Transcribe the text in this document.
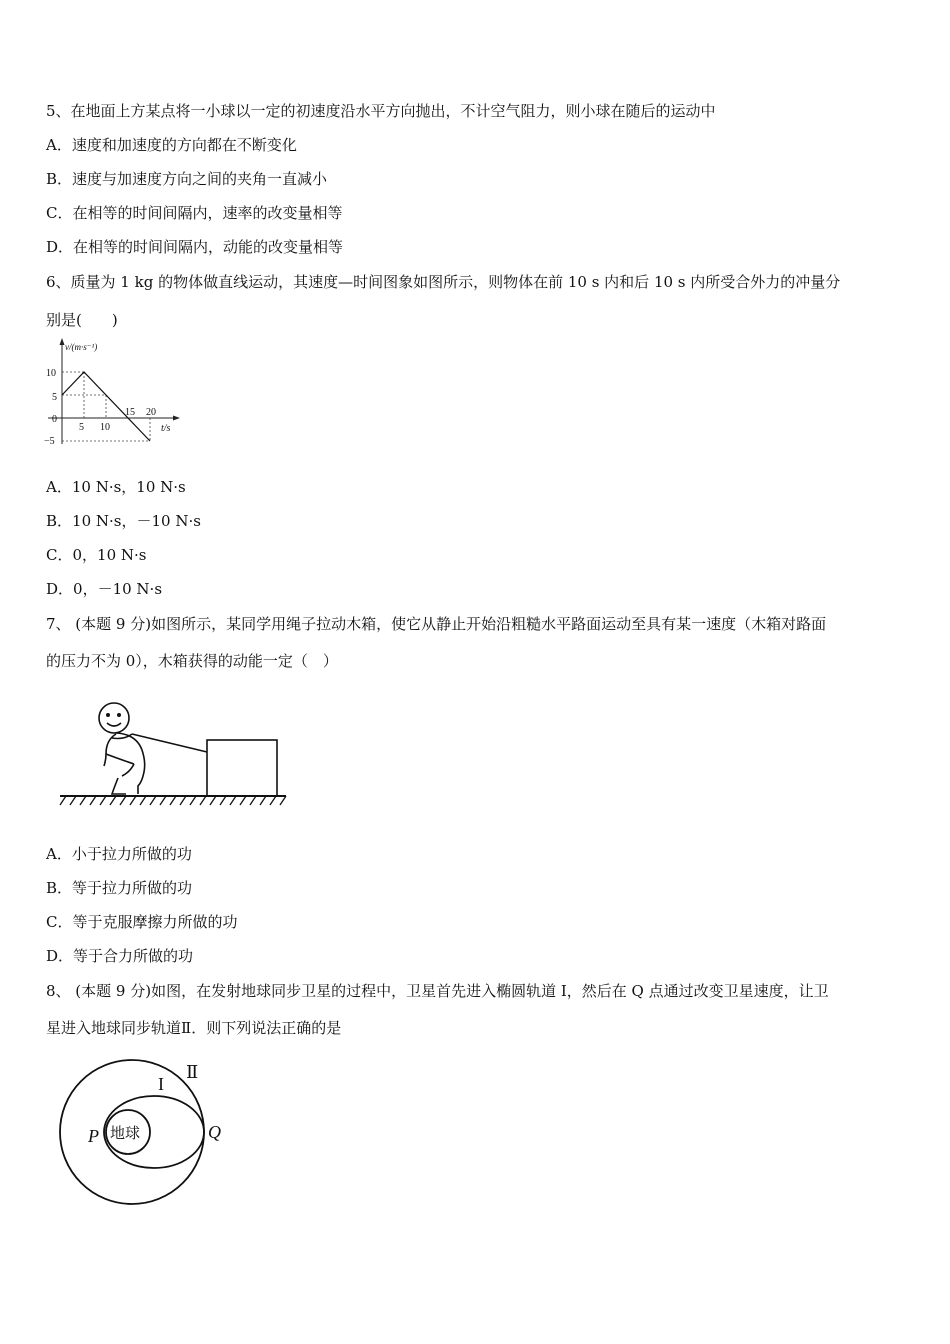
5、在地面上方某点将一小球以一定的初速度沿水平方向抛出，不计空气阻力，则小球在随后的运动中
A．速度和加速度的方向都在不断变化
B．速度与加速度方向之间的夹角一直减小
C．在相等的时间间隔内，速率的改变量相等
D．在相等的时间间隔内，动能的改变量相等
6、质量为 1 kg 的物体做直线运动，其速度—时间图象如图所示，则物体在前 10 s 内和后 10 s 内所受合外力的冲量分
别是(　　)
v/(m·s⁻¹)
t/s
10
5
0
−5
5 10
15 20
A．10 N·s，10 N·s
B．10 N·s，－10 N·s
C．0，10 N·s
D．0，－10 N·s
7、 (本题 9 分)如图所示，某同学用绳子拉动木箱，使它从静止开始沿粗糙水平路面运动至具有某一速度（木箱对路面
的压力不为 0），木箱获得的动能一定（　）
A．小于拉力所做的功
B．等于拉力所做的功
C．等于克服摩擦力所做的功
D．等于合力所做的功
8、 (本题 9 分)如图，在发射地球同步卫星的过程中，卫星首先进入椭圆轨道 I，然后在 Q 点通过改变卫星速度，让卫
星进入地球同步轨道Ⅱ．则下列说法正确的是
地球
I
Ⅱ
P	Q
